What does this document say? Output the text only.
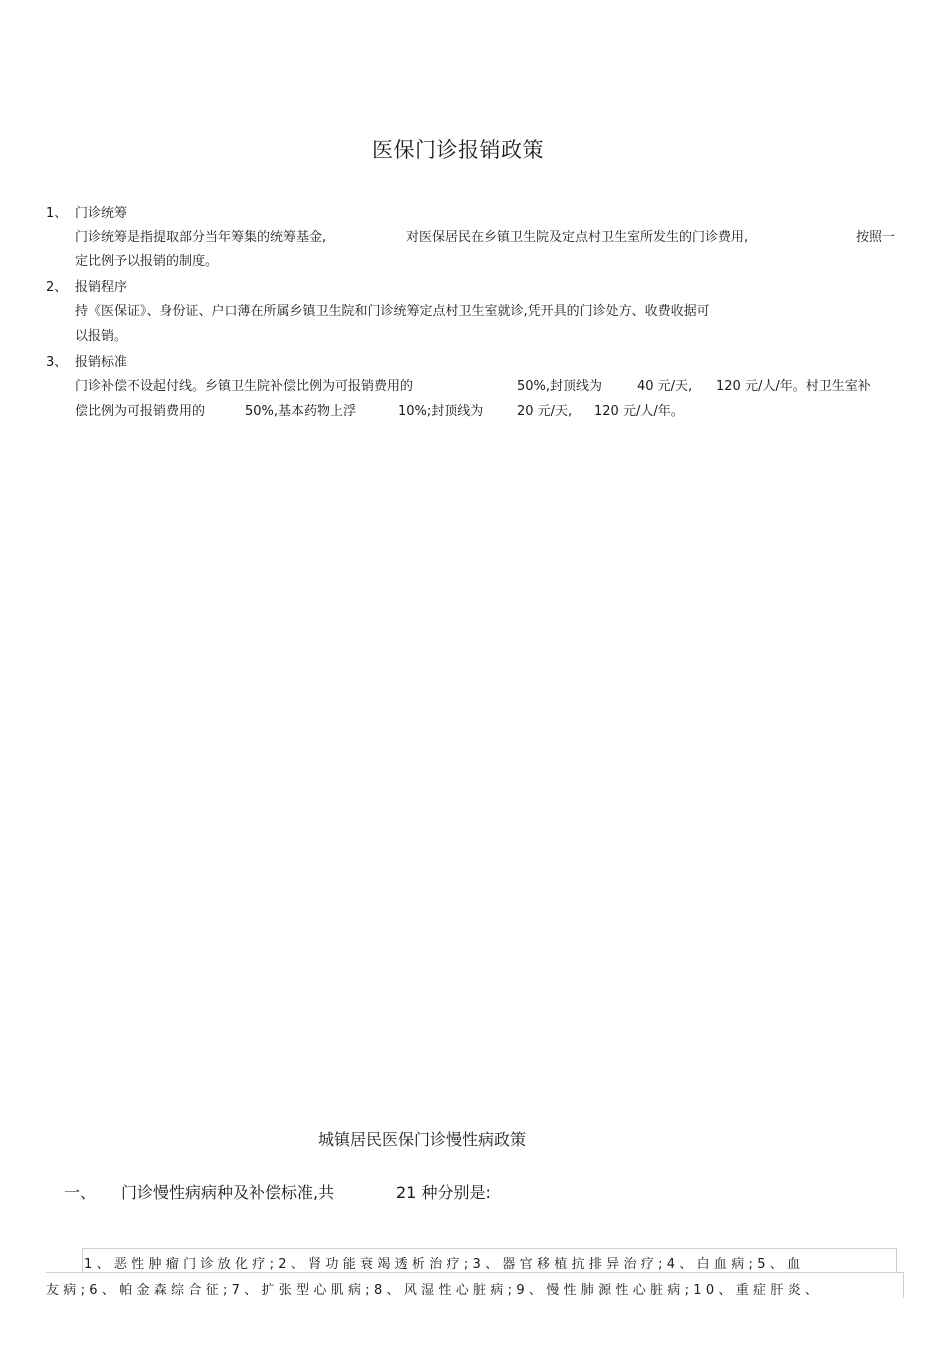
医保门诊报销政策
1、 门诊统筹
门诊统筹是指提取部分当年筹集的统筹基金,	对医保居民在乡镇卫生院及定点村卫生室所发生的门诊费用,	按照一
定比例予以报销的制度。
2、 报销程序
持《医保证》、身份证、户口薄在所属乡镇卫生院和门诊统筹定点村卫生室就诊,凭开具的门诊处方、收费收据可
以报销。
3、 报销标准
门诊补偿不设起付线。乡镇卫生院补偿比例为可报销费用的	50%,封顶线为	40 元/天, 120 元/人/年。村卫生室补
偿比例为可报销费用的	50%,基本药物上浮	10%;封顶线为	20 元/天, 120 元/人/年。
城镇居民医保门诊慢性病政策
一、 门诊慢性病病种及补偿标准,共	21 种分别是:
1、恶性肿瘤门诊放化疗;2、肾功能衰竭透析治疗;3、器官移植抗排异治疗;4、白血病;5、血
友病;6、帕金森综合征;7、扩张型心肌病;8、风湿性心脏病;9、慢性肺源性心脏病;10、重症肝炎、
